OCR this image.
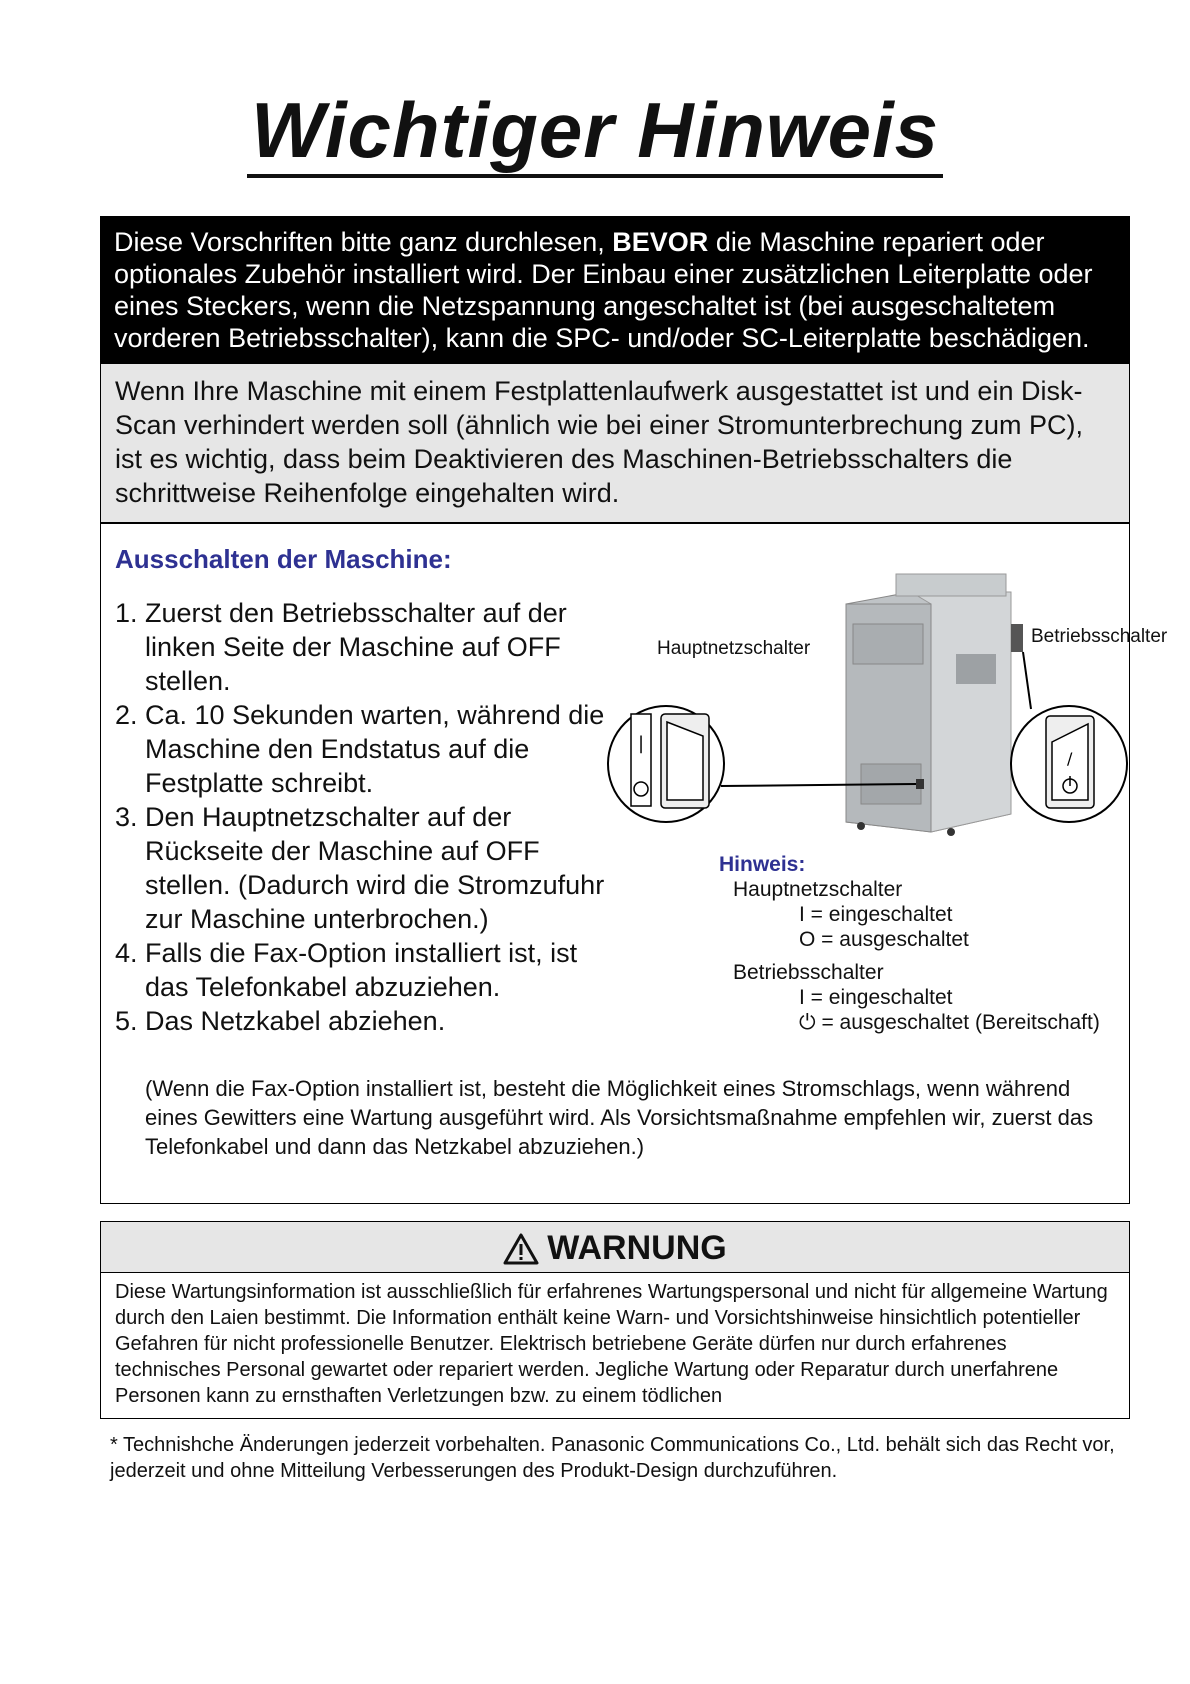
Wichtiger Hinweis
Diese Vorschriften bitte ganz durchlesen, BEVOR die Maschine repariert oder optionales Zubehör installiert wird. Der Einbau einer zusätzlichen Leiterplatte oder eines Steckers, wenn die Netzspannung angeschaltet ist (bei ausgeschaltetem vorderen Betriebsschalter), kann die SPC- und/oder SC-Leiterplatte beschädigen.
Wenn Ihre Maschine mit einem Festplattenlaufwerk ausgestattet ist und ein Disk-Scan verhindert werden soll (ähnlich wie bei einer Stromunterbrechung zum PC), ist es wichtig, dass beim Deaktivieren des Maschinen-Betriebsschalters die schrittweise Reihenfolge eingehalten wird.
Ausschalten der Maschine:
1. Zuerst den Betriebsschalter auf der linken Seite der Maschine auf OFF stellen.
2. Ca. 10 Sekunden warten, während die Maschine den Endstatus auf die Festplatte schreibt.
3. Den Hauptnetzschalter auf der Rückseite der Maschine auf OFF stellen. (Dadurch wird die Stromzufuhr zur Maschine unterbrochen.)
4. Falls die Fax-Option installiert ist, ist das Telefonkabel abzuziehen.
5. Das Netzkabel abziehen.
(Wenn die Fax-Option installiert ist, besteht die Möglichkeit eines Stromschlags, wenn während eines Gewitters eine Wartung ausgeführt wird. Als Vorsichtsmaßnahme empfehlen wir, zuerst das Telefonkabel und dann das Netzkabel abzuziehen.)
|
/
Hauptnetzschalter
Betriebsschalter
Hinweis:
Hauptnetzschalter
I = eingeschaltet
O = ausgeschaltet
Betriebsschalter
I = eingeschaltet
⏻ = ausgeschaltet (Bereitschaft)
WARNUNG
Diese Wartungsinformation ist ausschließlich für erfahrenes Wartungspersonal und nicht für allgemeine Wartung durch den Laien bestimmt. Die Information enthält keine Warn- und Vorsichtshinweise hinsichtlich potentieller Gefahren für nicht professionelle Benutzer. Elektrisch betriebene Geräte dürfen nur durch erfahrenes technisches Personal gewartet oder repariert werden. Jegliche Wartung oder Reparatur durch unerfahrene Personen kann zu ernsthaften Verletzungen bzw. zu einem tödlichen
* Technishche Änderungen jederzeit vorbehalten. Panasonic Communications Co., Ltd. behält sich das Recht vor, jederzeit und ohne Mitteilung Verbesserungen des Produkt-Design durchzuführen.
